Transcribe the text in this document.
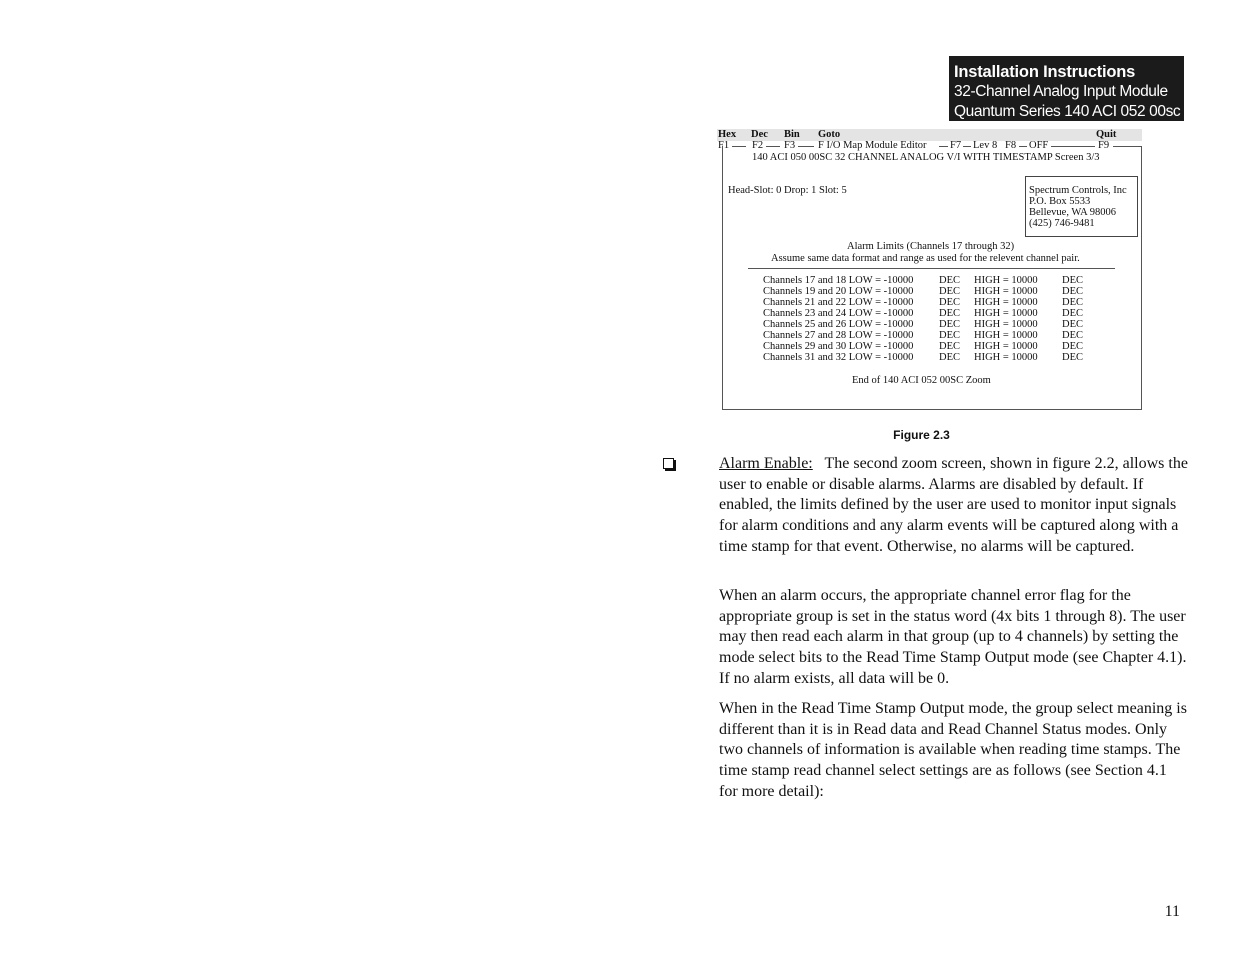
Installation Instructions
32-Channel Analog Input Module
Quantum Series 140 ACI 052 00sc
Hex Dec Bin Goto	Quit
F1 F2 F3 F I/O Map Module Editor F7 Lev 8 F8 OFF	F9
140 ACI 050 00SC 32 CHANNEL ANALOG V/I WITH TIMESTAMP Screen 3/3
Head-Slot: 0 Drop: 1 Slot: 5	Spectrum Controls, Inc
P.O. Box 5533
Bellevue, WA 98006
(425) 746-9481
Alarm Limits (Channels 17 through 32)
Assume same data format and range as used for the relevent channel pair.
Channels 17 and 18 LOW = -10000 DEC HIGH = 10000 DEC
Channels 19 and 20 LOW = -10000 DEC HIGH = 10000 DEC
Channels 21 and 22 LOW = -10000 DEC HIGH = 10000 DEC
Channels 23 and 24 LOW = -10000 DEC HIGH = 10000 DEC
Channels 25 and 26 LOW = -10000 DEC HIGH = 10000 DEC
Channels 27 and 28 LOW = -10000 DEC HIGH = 10000 DEC
Channels 29 and 30 LOW = -10000 DEC HIGH = 10000 DEC
Channels 31 and 32 LOW = -10000 DEC HIGH = 10000 DEC
End of 140 ACI 052 00SC Zoom
Figure 2.3

Alarm Enable: The second zoom screen, shown in figure 2.2, allows the user to enable or disable alarms. Alarms are disabled by default. If enabled, the limits defined by the user are used to monitor input signals for alarm conditions and any alarm events will be captured along with a time stamp for that event. Otherwise, no alarms will be captured.

When an alarm occurs, the appropriate channel error flag for the appropriate group is set in the status word (4x bits 1 through 8). The user may then read each alarm in that group (up to 4 channels) by setting the mode select bits to the Read Time Stamp Output mode (see Chapter 4.1). If no alarm exists, all data will be 0.

When in the Read Time Stamp Output mode, the group select meaning is different than it is in Read data and Read Channel Status modes. Only two channels of information is available when reading time stamps. The time stamp read channel select settings are as follows (see Section 4.1 for more detail):

11
